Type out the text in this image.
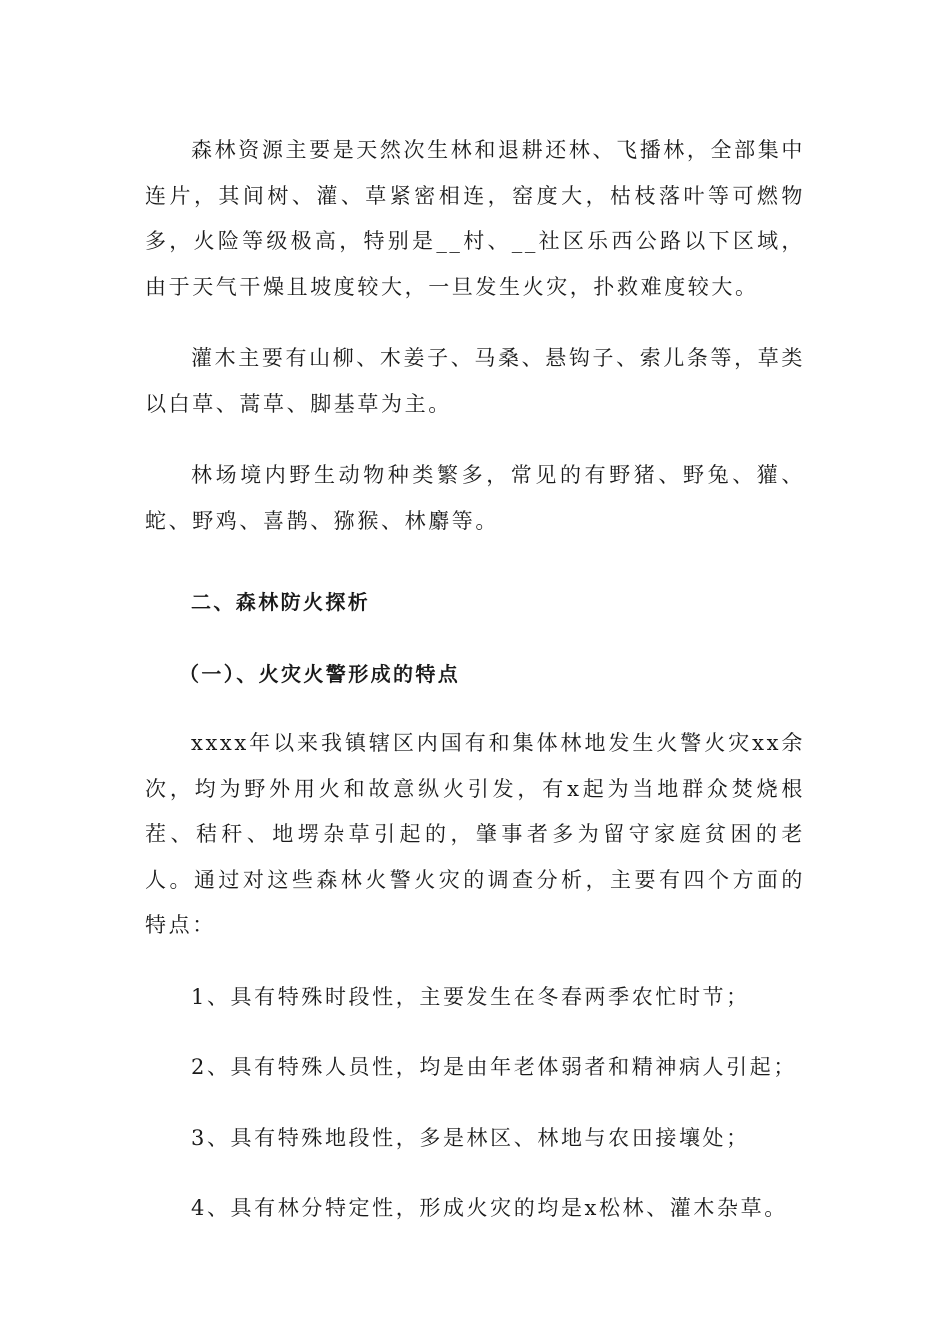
森林资源主要是天然次生林和退耕还林、飞播林，全部集中连片，其间树、灌、草紧密相连，窑度大，枯枝落叶等可燃物多，火险等级极高，特别是__村、__社区乐西公路以下区域，由于天气干燥且坡度较大，一旦发生火灾，扑救难度较大。

灌木主要有山柳、木姜子、马桑、悬钩子、索儿条等，草类以白草、蒿草、脚基草为主。

林场境内野生动物种类繁多，常见的有野猪、野兔、獾、蛇、野鸡、喜鹊、猕猴、林麝等。

二、森林防火探析

（一）、火灾火警形成的特点

xxxx年以来我镇辖区内国有和集体林地发生火警火灾xx余次，均为野外用火和故意纵火引发，有x起为当地群众焚烧根茬、秸秆、地塄杂草引起的，肇事者多为留守家庭贫困的老人。通过对这些森林火警火灾的调查分析，主要有四个方面的特点：

1、具有特殊时段性，主要发生在冬春两季农忙时节；

2、具有特殊人员性，均是由年老体弱者和精神病人引起；

3、具有特殊地段性，多是林区、林地与农田接壤处；

4、具有林分特定性，形成火灾的均是x松林、灌木杂草。
